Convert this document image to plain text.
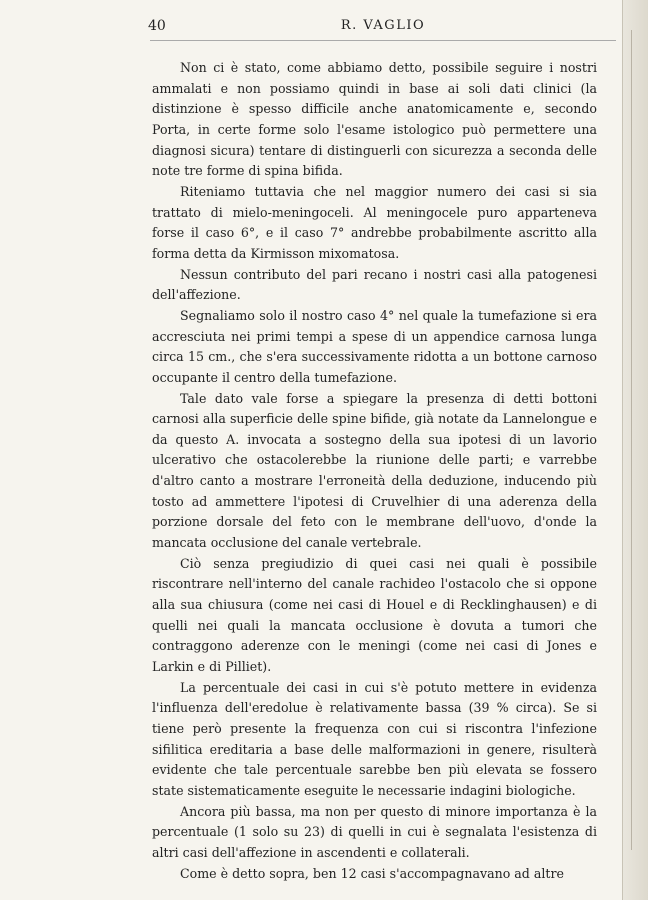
40	R. VAGLIO

Non ci è stato, come abbiamo detto, possibile seguire i nostri ammalati e non possiamo quindi in base ai soli dati clinici (la distinzione è spesso difficile anche anatomicamente e, secondo Porta, in certe forme solo l'esame istologico può permettere una diagnosi sicura) tentare di distinguerli con sicurezza a seconda delle note tre forme di spina bifida.

Riteniamo tuttavia che nel maggior numero dei casi si sia trattato di mielo-meningoceli. Al meningocele puro apparteneva forse il caso 6°, e il caso 7° andrebbe probabilmente ascritto alla forma detta da Kirmisson mixomatosa.

Nessun contributo del pari recano i nostri casi alla patogenesi dell'affezione.

Segnaliamo solo il nostro caso 4° nel quale la tumefazione si era accresciuta nei primi tempi a spese di un appendice carnosa lunga circa 15 cm., che s'era successivamente ridotta a un bottone carnoso occupante il centro della tumefazione.

Tale dato vale forse a spiegare la presenza di detti bottoni carnosi alla superficie delle spine bifide, già notate da Lannelongue e da questo A. invocata a sostegno della sua ipotesi di un lavorio ulcerativo che ostacolerebbe la riunione delle parti; e varrebbe d'altro canto a mostrare l'erroneità della deduzione, inducendo più tosto ad ammettere l'ipotesi di Cruvelhier di una aderenza della porzione dorsale del feto con le membrane dell'uovo, d'onde la mancata occlusione del canale vertebrale.

Ciò senza pregiudizio di quei casi nei quali è possibile riscontrare nell'interno del canale rachideo l'ostacolo che si oppone alla sua chiusura (come nei casi di Houel e di Recklinghausen) e di quelli nei quali la mancata occlusione è dovuta a tumori che contraggono aderenze con le meningi (come nei casi di Jones e Larkin e di Pilliet).

La percentuale dei casi in cui s'è potuto mettere in evidenza l'influenza dell'eredolue è relativamente bassa (39 % circa). Se si tiene però presente la frequenza con cui si riscontra l'infezione sifilitica ereditaria a base delle malformazioni in genere, risulterà evidente che tale percentuale sarebbe ben più elevata se fossero state sistematicamente eseguite le necessarie indagini biologiche.

Ancora più bassa, ma non per questo di minore importanza è la percentuale (1 solo su 23) di quelli in cui è segnalata l'esistenza di altri casi dell'affezione in ascendenti e collaterali.

Come è detto sopra, ben 12 casi s'accompagnavano ad altre
